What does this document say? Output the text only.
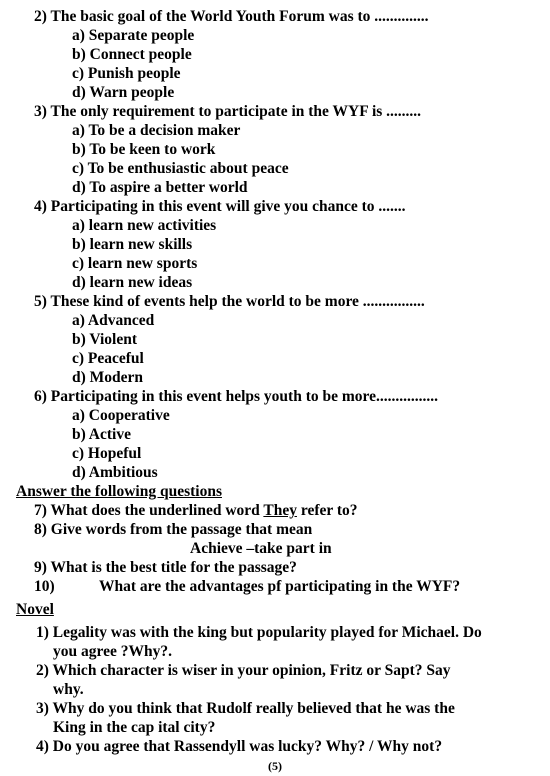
2) The basic goal of the World Youth Forum was to ..............
a) Separate people
b) Connect people
c) Punish people
d) Warn people
3) The only requirement to participate in the WYF is .........
a) To be a decision maker
b) To be keen to work
c) To be enthusiastic about peace
d) To aspire a better world
4) Participating in this event will give you chance to .......
a) learn new activities
b) learn new skills
c) learn new sports
d) learn new ideas
5) These kind of events help the world to be more ................
a) Advanced
b) Violent
c) Peaceful
d) Modern
6) Participating in this event helps youth to be more................
a) Cooperative
b) Active
c) Hopeful
d) Ambitious
Answer the following questions
7) What does the underlined word They refer to?
8) Give words from the passage that mean
Achieve –take part in
9) What is the best title for the passage?
10)	What are the advantages pf participating in the WYF?
Novel
1) Legality was with the king but popularity played for Michael. Do
you agree ?Why?.
2) Which character is wiser in your opinion, Fritz or Sapt? Say
why.
3) Why do you think that Rudolf really believed that he was the
King in the cap ital city?
4) Do you agree that Rassendyll was lucky? Why? / Why not?
(5)
